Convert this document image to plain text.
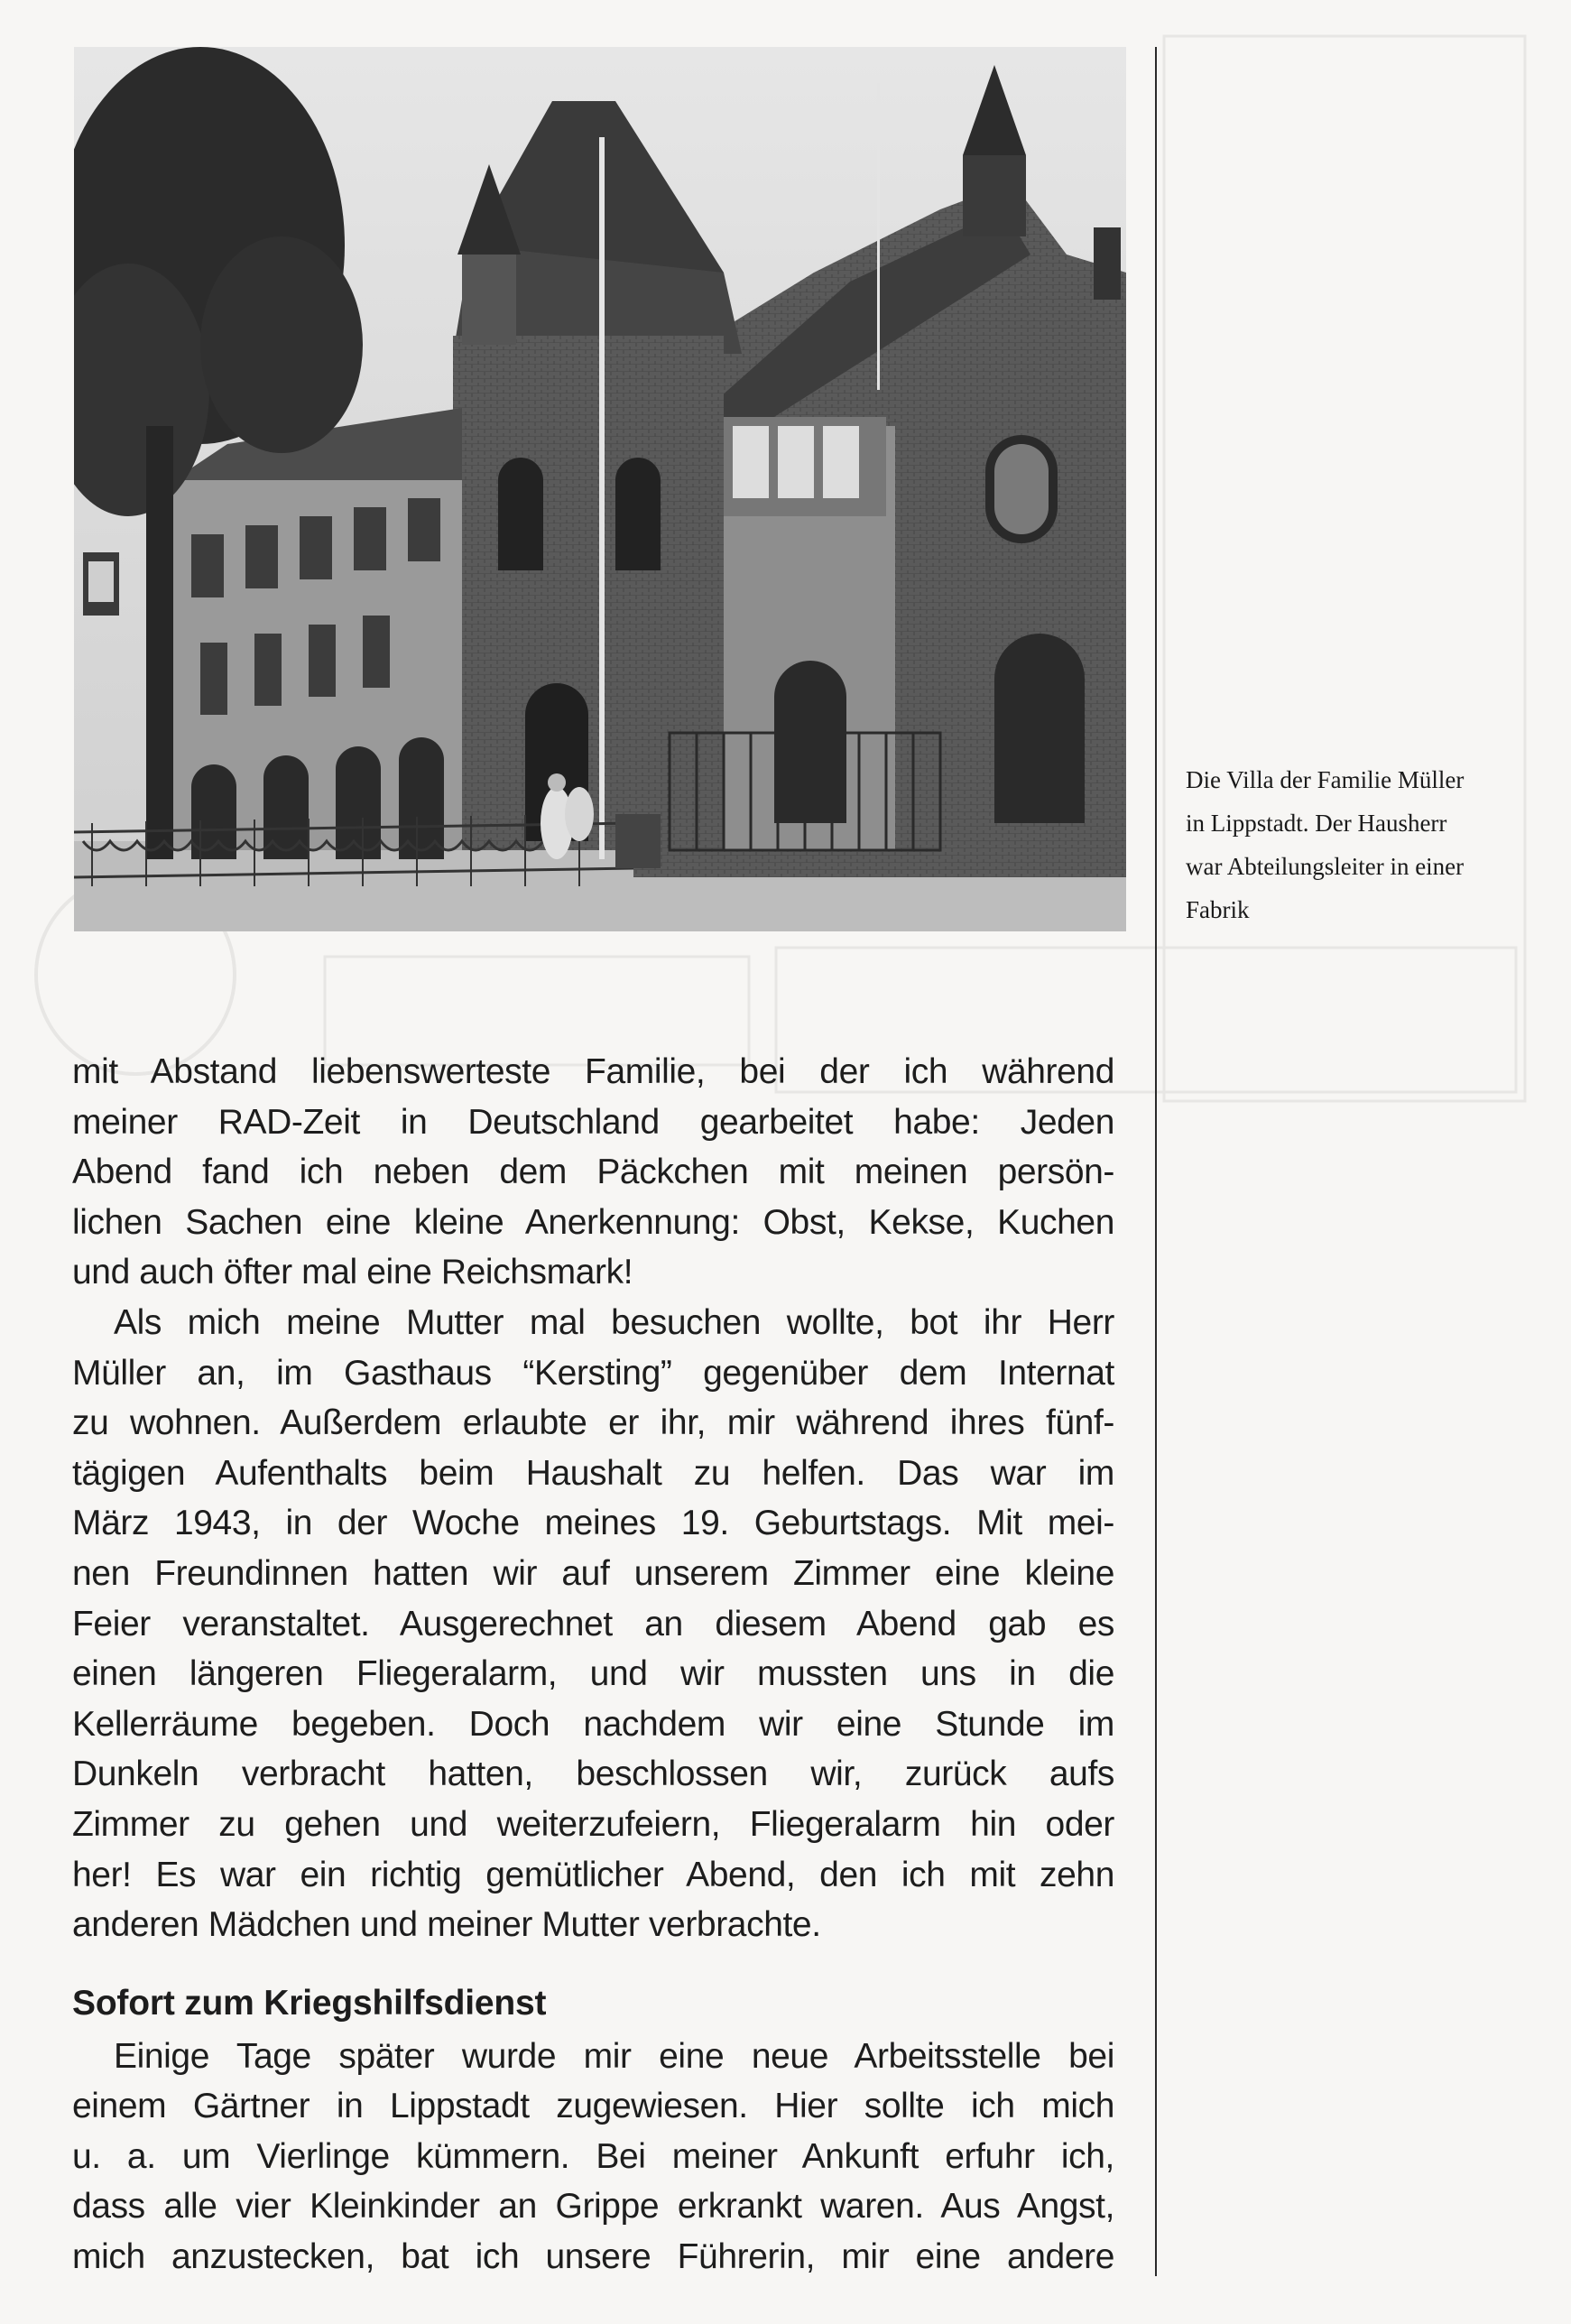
Die Villa der Familie Müller
in Lippstadt. Der Hausherr
war Abteilungsleiter in einer
Fabrik
mit Abstand liebenswerteste Familie, bei der ich während
meiner RAD-Zeit in Deutschland gearbeitet habe: Jeden
Abend fand ich neben dem Päckchen mit meinen persön-
lichen Sachen eine kleine Anerkennung: Obst, Kekse, Kuchen
und auch öfter mal eine Reichsmark!
Als mich meine Mutter mal besuchen wollte, bot ihr Herr
Müller an, im Gasthaus “Kersting” gegenüber dem Internat
zu wohnen. Außerdem erlaubte er ihr, mir während ihres fünf-
tägigen Aufenthalts beim Haushalt zu helfen. Das war im
März 1943, in der Woche meines 19. Geburtstags. Mit mei-
nen Freundinnen hatten wir auf unserem Zimmer eine kleine
Feier veranstaltet. Ausgerechnet an diesem Abend gab es
einen längeren Fliegeralarm, und wir mussten uns in die
Kellerräume begeben. Doch nachdem wir eine Stunde im
Dunkeln verbracht hatten, beschlossen wir, zurück aufs
Zimmer zu gehen und weiterzufeiern, Fliegeralarm hin oder
her! Es war ein richtig gemütlicher Abend, den ich mit zehn
anderen Mädchen und meiner Mutter verbrachte.
Sofort zum Kriegshilfsdienst
Einige Tage später wurde mir eine neue Arbeitsstelle bei
einem Gärtner in Lippstadt zugewiesen. Hier sollte ich mich
u. a. um Vierlinge kümmern. Bei meiner Ankunft erfuhr ich,
dass alle vier Kleinkinder an Grippe erkrankt waren. Aus Angst,
mich anzustecken, bat ich unsere Führerin, mir eine andere
